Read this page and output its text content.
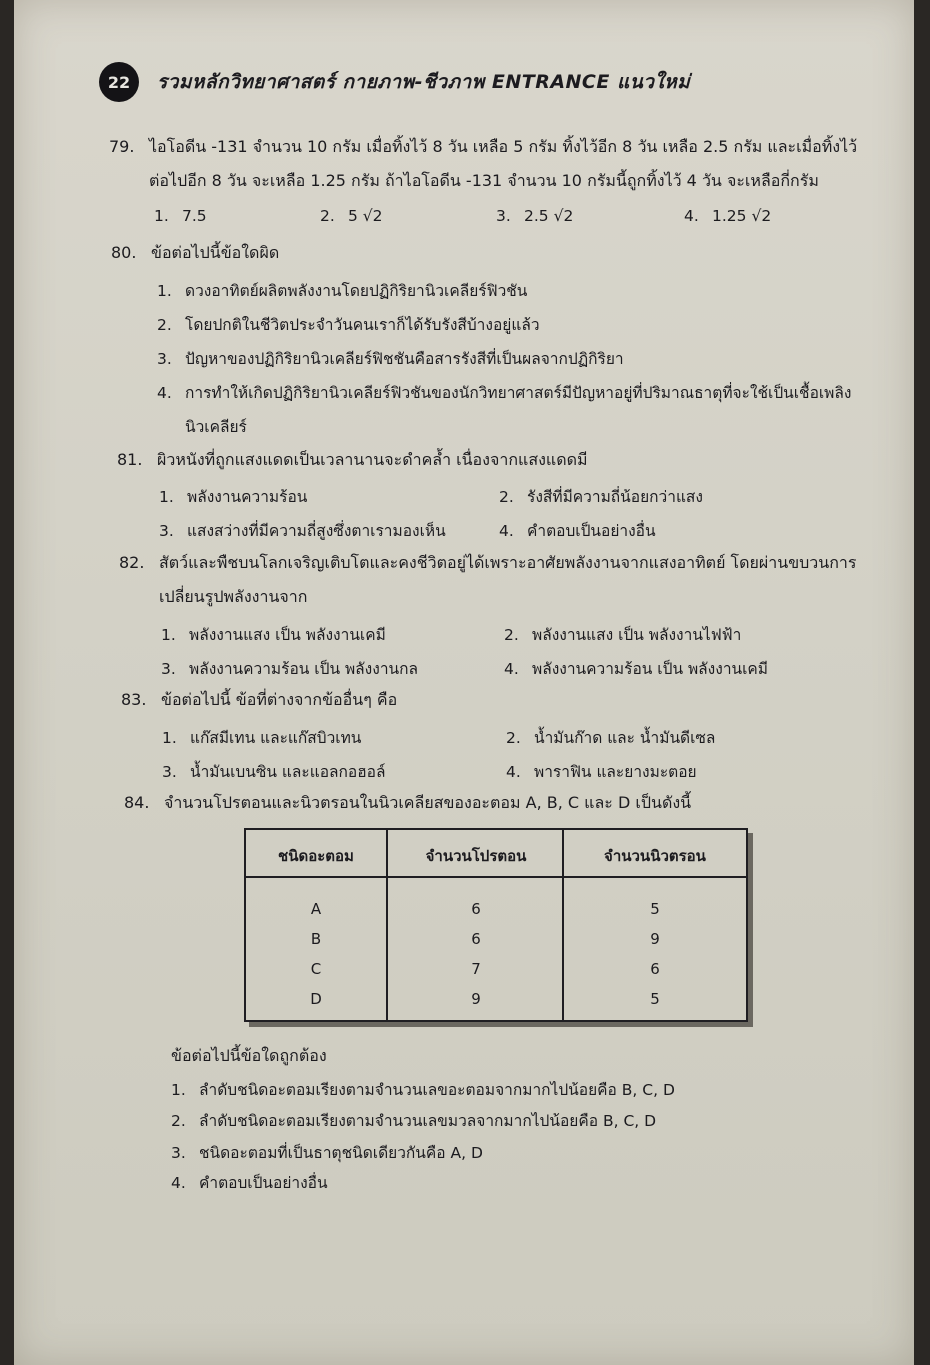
22	รวมหลักวิทยาศาสตร์ กายภาพ-ชีวภาพ ENTRANCE แนวใหม่
79. ไอโอดีน -131 จำนวน 10 กรัม เมื่อทิ้งไว้ 8 วัน เหลือ 5 กรัม ทิ้งไว้อีก 8 วัน เหลือ 2.5 กรัม และเมื่อทิ้งไว้
ต่อไปอีก 8 วัน จะเหลือ 1.25 กรัม ถ้าไอโอดีน -131 จำนวน 10 กรัมนี้ถูกทิ้งไว้ 4 วัน จะเหลือกี่กรัม
1. 7.5	2. 5 √2	3. 2.5 √2	4. 1.25 √2
80. ข้อต่อไปนี้ข้อใดผิด
1. ดวงอาทิตย์ผลิตพลังงานโดยปฏิกิริยานิวเคลียร์ฟิวชัน
2. โดยปกติในชีวิตประจำวันคนเราก็ได้รับรังสีบ้างอยู่แล้ว
3. ปัญหาของปฏิกิริยานิวเคลียร์ฟิชชันคือสารรังสีที่เป็นผลจากปฏิกิริยา
4. การทำให้เกิดปฏิกิริยานิวเคลียร์ฟิวชันของนักวิทยาศาสตร์มีปัญหาอยู่ที่ปริมาณธาตุที่จะใช้เป็นเชื้อเพลิง
นิวเคลียร์
81. ผิวหนังที่ถูกแสงแดดเป็นเวลานานจะดำคล้ำ เนื่องจากแสงแดดมี
1. พลังงานความร้อน	2. รังสีที่มีความถี่น้อยกว่าแสง
3. แสงสว่างที่มีความถี่สูงซึ่งตาเรามองเห็น	4. คำตอบเป็นอย่างอื่น
82. สัตว์และพืชบนโลกเจริญเติบโตและคงชีวิตอยู่ได้เพราะอาศัยพลังงานจากแสงอาทิตย์ โดยผ่านขบวนการ
เปลี่ยนรูปพลังงานจาก
1. พลังงานแสง เป็น พลังงานเคมี	2. พลังงานแสง เป็น พลังงานไฟฟ้า
3. พลังงานความร้อน เป็น พลังงานกล	4. พลังงานความร้อน เป็น พลังงานเคมี
83. ข้อต่อไปนี้ ข้อที่ต่างจากข้ออื่นๆ คือ
1. แก๊สมีเทน และแก๊สบิวเทน	2. น้ำมันก๊าด และ น้ำมันดีเซล
3. น้ำมันเบนซิน และแอลกอฮอล์	4. พาราฟิน และยางมะตอย
84. จำนวนโปรตอนและนิวตรอนในนิวเคลียสของอะตอม A, B, C และ D เป็นดังนี้
ชนิดอะตอม	จำนวนโปรตอน	จำนวนนิวตรอน
A	6	5
B	6	9
C	7	6
D	9	5
ข้อต่อไปนี้ข้อใดถูกต้อง
1. ลำดับชนิดอะตอมเรียงตามจำนวนเลขอะตอมจากมากไปน้อยคือ B, C, D
2. ลำดับชนิดอะตอมเรียงตามจำนวนเลขมวลจากมากไปน้อยคือ B, C, D
3. ชนิดอะตอมที่เป็นธาตุชนิดเดียวกันคือ A, D
4. คำตอบเป็นอย่างอื่น
